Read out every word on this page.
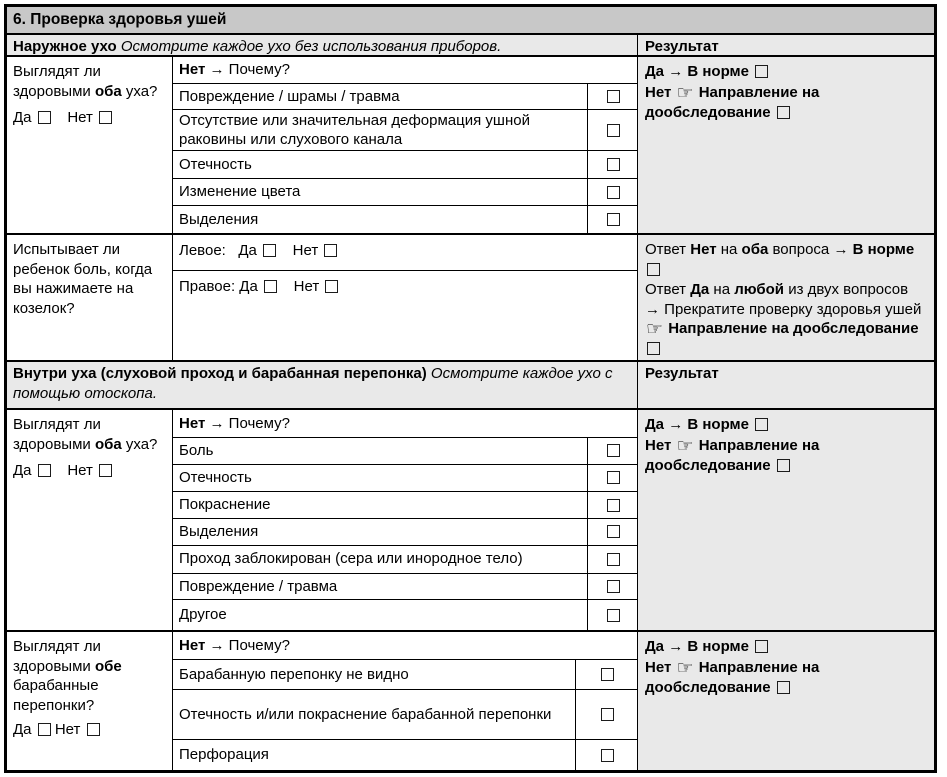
6. Проверка здоровья ушей
Наружное ухо Осмотрите каждое ухо без использования приборов.	Результат
Выглядят ли здоровыми оба уха?
Да     Нет
Нет → Почему?
Повреждение / шрамы / травма
Отсутствие или значительная деформация ушной раковины или слухового канала
Отечность
Изменение цвета
Выделения
Да → В норме
Нет ☞ Направление на дообследование
Испытывает ли ребенок боль, когда вы нажимаете на козелок?
Левое:   Да     Нет
Правое: Да     Нет
Ответ Нет на оба вопроса → В норме
Ответ Да на любой из двух вопросов → Прекратите проверку здоровья ушей ☞ Направление на дообследование
Внутри уха (слуховой проход и барабанная перепонка) Осмотрите каждое ухо с помощью отоскопа.
Результат
Выглядят ли здоровыми оба уха?
Да     Нет
Нет → Почему?
Боль
Отечность
Покраснение
Выделения
Проход заблокирован (сера или инородное тело)
Повреждение / травма
Другое
Да → В норме
Нет ☞ Направление на дообследование
Выглядят ли здоровыми обе барабанные перепонки?
Да  Нет
Нет → Почему?
Барабанную перепонку не видно
Отечность и/или покраснение барабанной перепонки
Перфорация
Да → В норме
Нет ☞ Направление на дообследование
